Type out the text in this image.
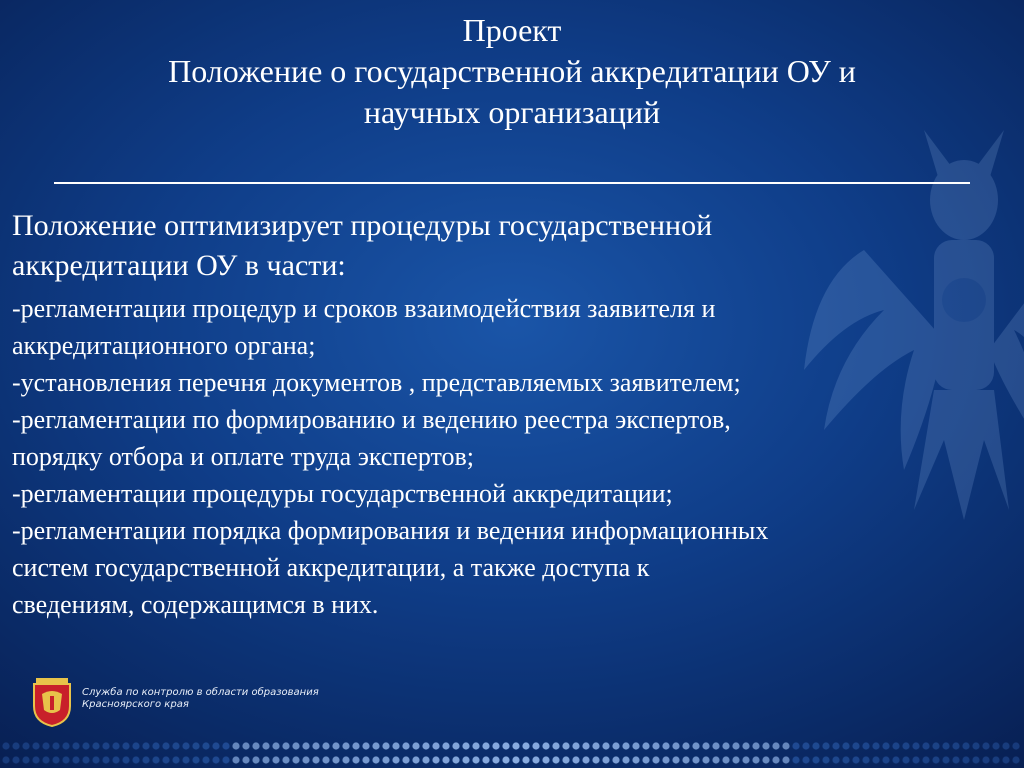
Проект
Положение о государственной аккредитации ОУ и
научных организаций
Положение оптимизирует процедуры государственной
аккредитации ОУ в части:
-регламентации процедур и сроков взаимодействия заявителя и
аккредитационного органа;
-установления перечня документов , представляемых заявителем;
-регламентации по формированию и ведению реестра экспертов,
порядку отбора и оплате труда экспертов;
-регламентации процедуры государственной аккредитации;
-регламентации порядка формирования и ведения информационных
систем государственной аккредитации, а также доступа к
сведениям, содержащимся в них.
Служба по контролю в области образования
Красноярского края
